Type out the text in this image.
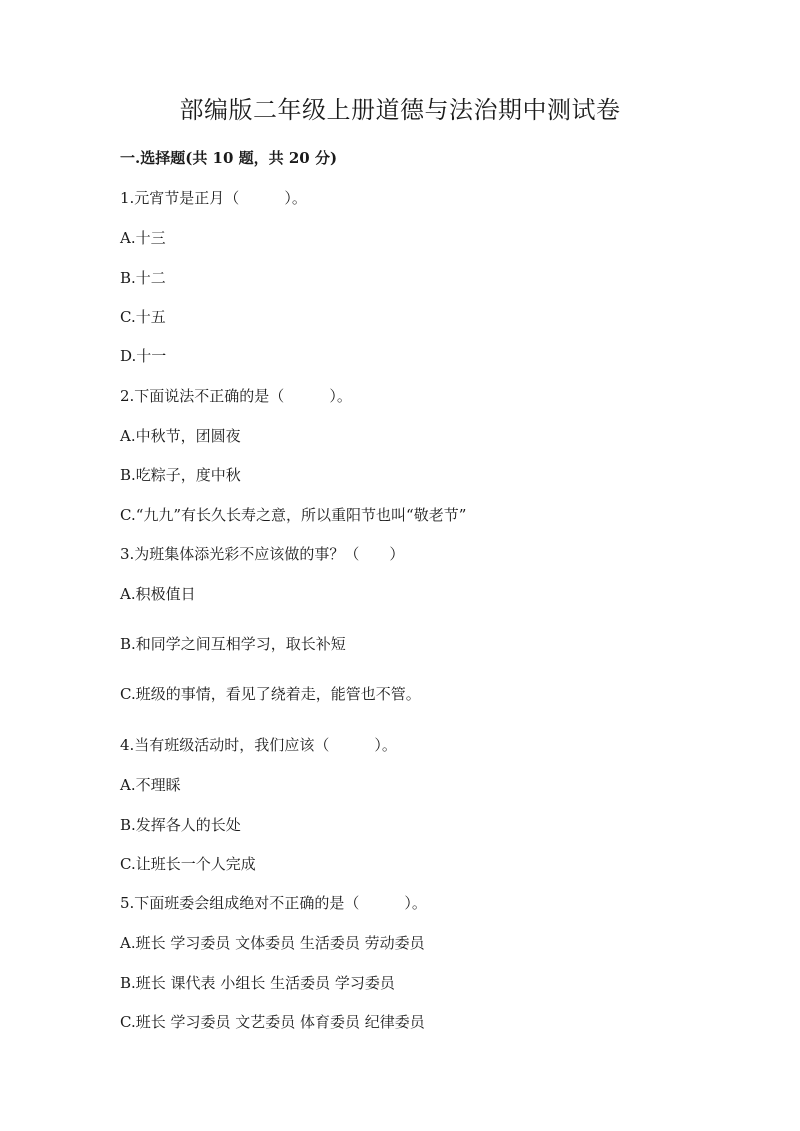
部编版二年级上册道德与法治期中测试卷
一.选择题(共 10 题，共 20 分)
1.元宵节是正月（　　　）。
A.十三
B.十二
C.十五
D.十一
2.下面说法不正确的是（　　　）。
A.中秋节，团圆夜
B.吃粽子，度中秋
C.“九九”有长久长寿之意，所以重阳节也叫“敬老节”
3.为班集体添光彩不应该做的事？（　　）
A.积极值日
B.和同学之间互相学习，取长补短
C.班级的事情，看见了绕着走，能管也不管。
4.当有班级活动时，我们应该（　　　）。
A.不理睬
B.发挥各人的长处
C.让班长一个人完成
5.下面班委会组成绝对不正确的是（　　　）。
A.班长 学习委员 文体委员 生活委员 劳动委员
B.班长 课代表 小组长 生活委员 学习委员
C.班长 学习委员 文艺委员 体育委员 纪律委员
